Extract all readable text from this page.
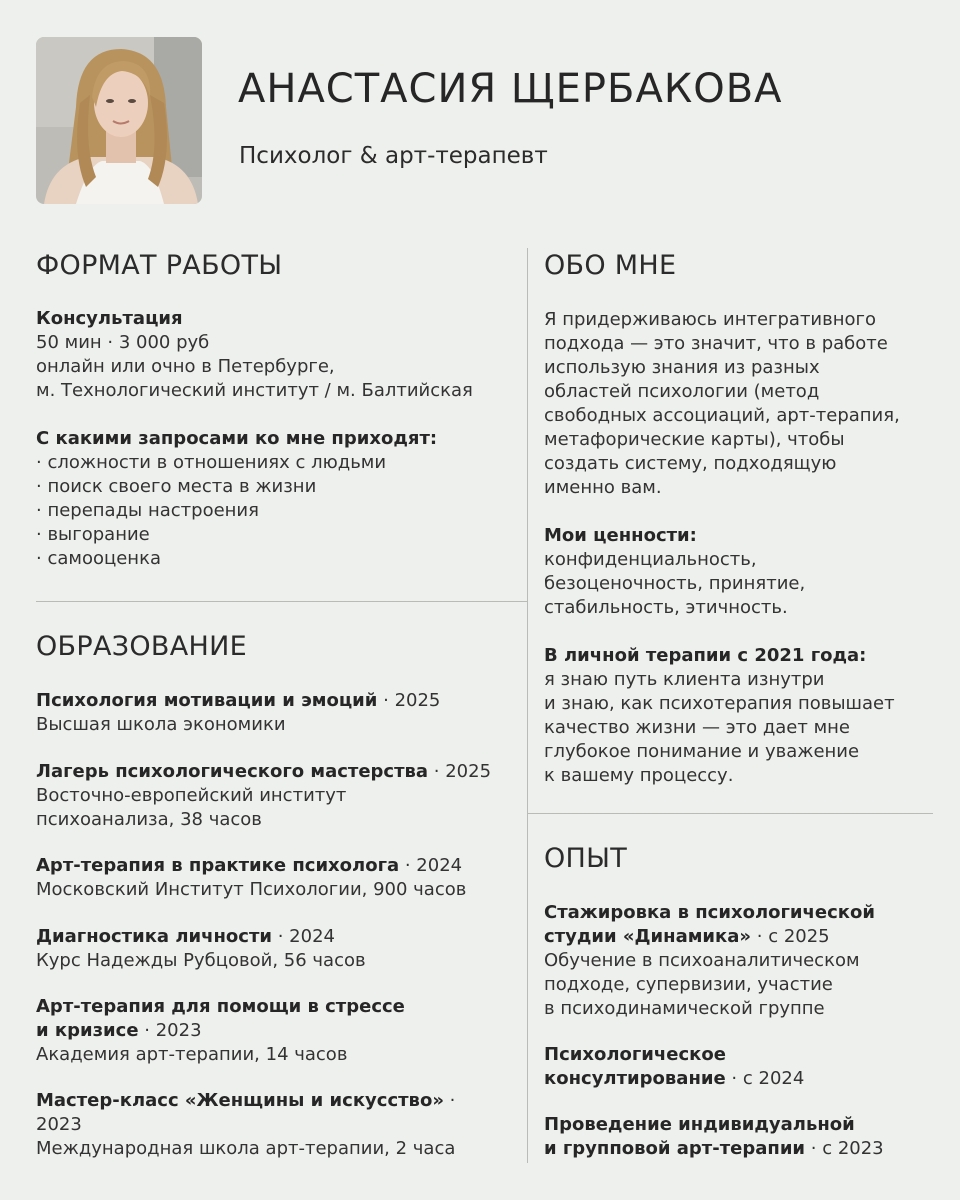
АНАСТАСИЯ ЩЕРБАКОВА
Психолог & арт-терапевт
ФОРМАТ РАБОТЫ
Консультация
50 мин · 3 000 руб
онлайн или очно в Петербурге,
м. Технологический институт / м. Балтийская
С какими запросами ко мне приходят:
· сложности в отношениях с людьми
· поиск своего места в жизни
· перепады настроения
· выгорание
· самооценка
ОБРАЗОВАНИЕ
Психология мотивации и эмоций · 2025
Высшая школа экономики
Лагерь психологического мастерства · 2025
Восточно-европейский институт
психоанализа, 38 часов
Арт-терапия в практике психолога · 2024
Московский Институт Психологии, 900 часов
Диагностика личности · 2024
Курс Надежды Рубцовой, 56 часов
Арт-терапия для помощи в стрессе
и кризисе · 2023
Академия арт-терапии, 14 часов
Мастер-класс «Женщины и искусство» ·
2023
Международная школа арт-терапии, 2 часа
ОБО МНЕ
Я придерживаюсь интегративного
подхода — это значит, что в работе
использую знания из разных
областей психологии (метод
свободных ассоциаций, арт-терапия,
метафорические карты), чтобы
создать систему, подходящую
именно вам.
Мои ценности:
конфиденциальность,
безоценочность, принятие,
стабильность, этичность.
В личной терапии с 2021 года:
я знаю путь клиента изнутри
и знаю, как психотерапия повышает
качество жизни — это дает мне
глубокое понимание и уважение
к вашему процессу.
ОПЫТ
Стажировка в психологической
студии «Динамика» · с 2025
Обучение в психоаналитическом
подходе, супервизии, участие
в психодинамической группе
Психологическое
консултирование · с 2024
Проведение индивидуальной
и групповой арт-терапии · с 2023
